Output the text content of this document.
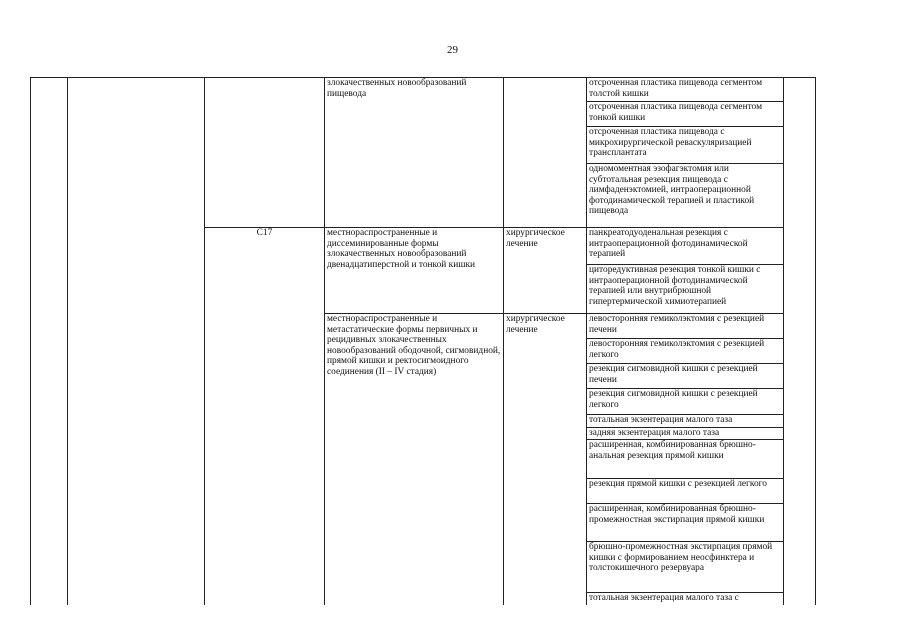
29
злокачественных новообразований пищевода
отсроченная пластика пищевода сегментом толстой кишки
отсроченная пластика пищевода сегментом тонкой кишки
отсроченная пластика пищевода с микрохирургической реваскуляризацией трансплантата
одномоментная эзофагэктомия или субтотальная резекция пищевода с лимфаденэктомией, интраоперационной фотодинамической терапией и пластикой пищевода
C17	местнораспространенные и диссеминированные формы злокачественных новообразований двенадцатиперстной и тонкой кишки
хирургическое лечение
панкреатодуоденальная резекция с интраоперационной фотодинамической терапией
циторедуктивная резекция тонкой кишки с интраоперационной фотодинамической терапией или внутрибрюшной гипертермической химиотерапией
местнораспространенные и метастатические формы первичных и рецидивных злокачественных новообразований ободочной, сигмовидной, прямой кишки и ректосигмоидного соединения (II – IV стадия)
хирургическое лечение
левосторонняя гемиколэктомия с резекцией печени
левосторонняя гемиколэктомия с резекцией легкого
резекция сигмовидной кишки с резекцией печени
резекция сигмовидной кишки с резекцией легкого
тотальная экзентерация малого таза
задняя экзентерация малого таза
расширенная, комбинированная брюшно-анальная резекция прямой кишки
резекция прямой кишки с резекцией легкого
расширенная, комбинированная брюшно-промежностная экстирпация прямой кишки
брюшно-промежностная экстирпация прямой кишки с формированием неосфинктера и толстокишечного резервуара
тотальная экзентерация малого таза с
